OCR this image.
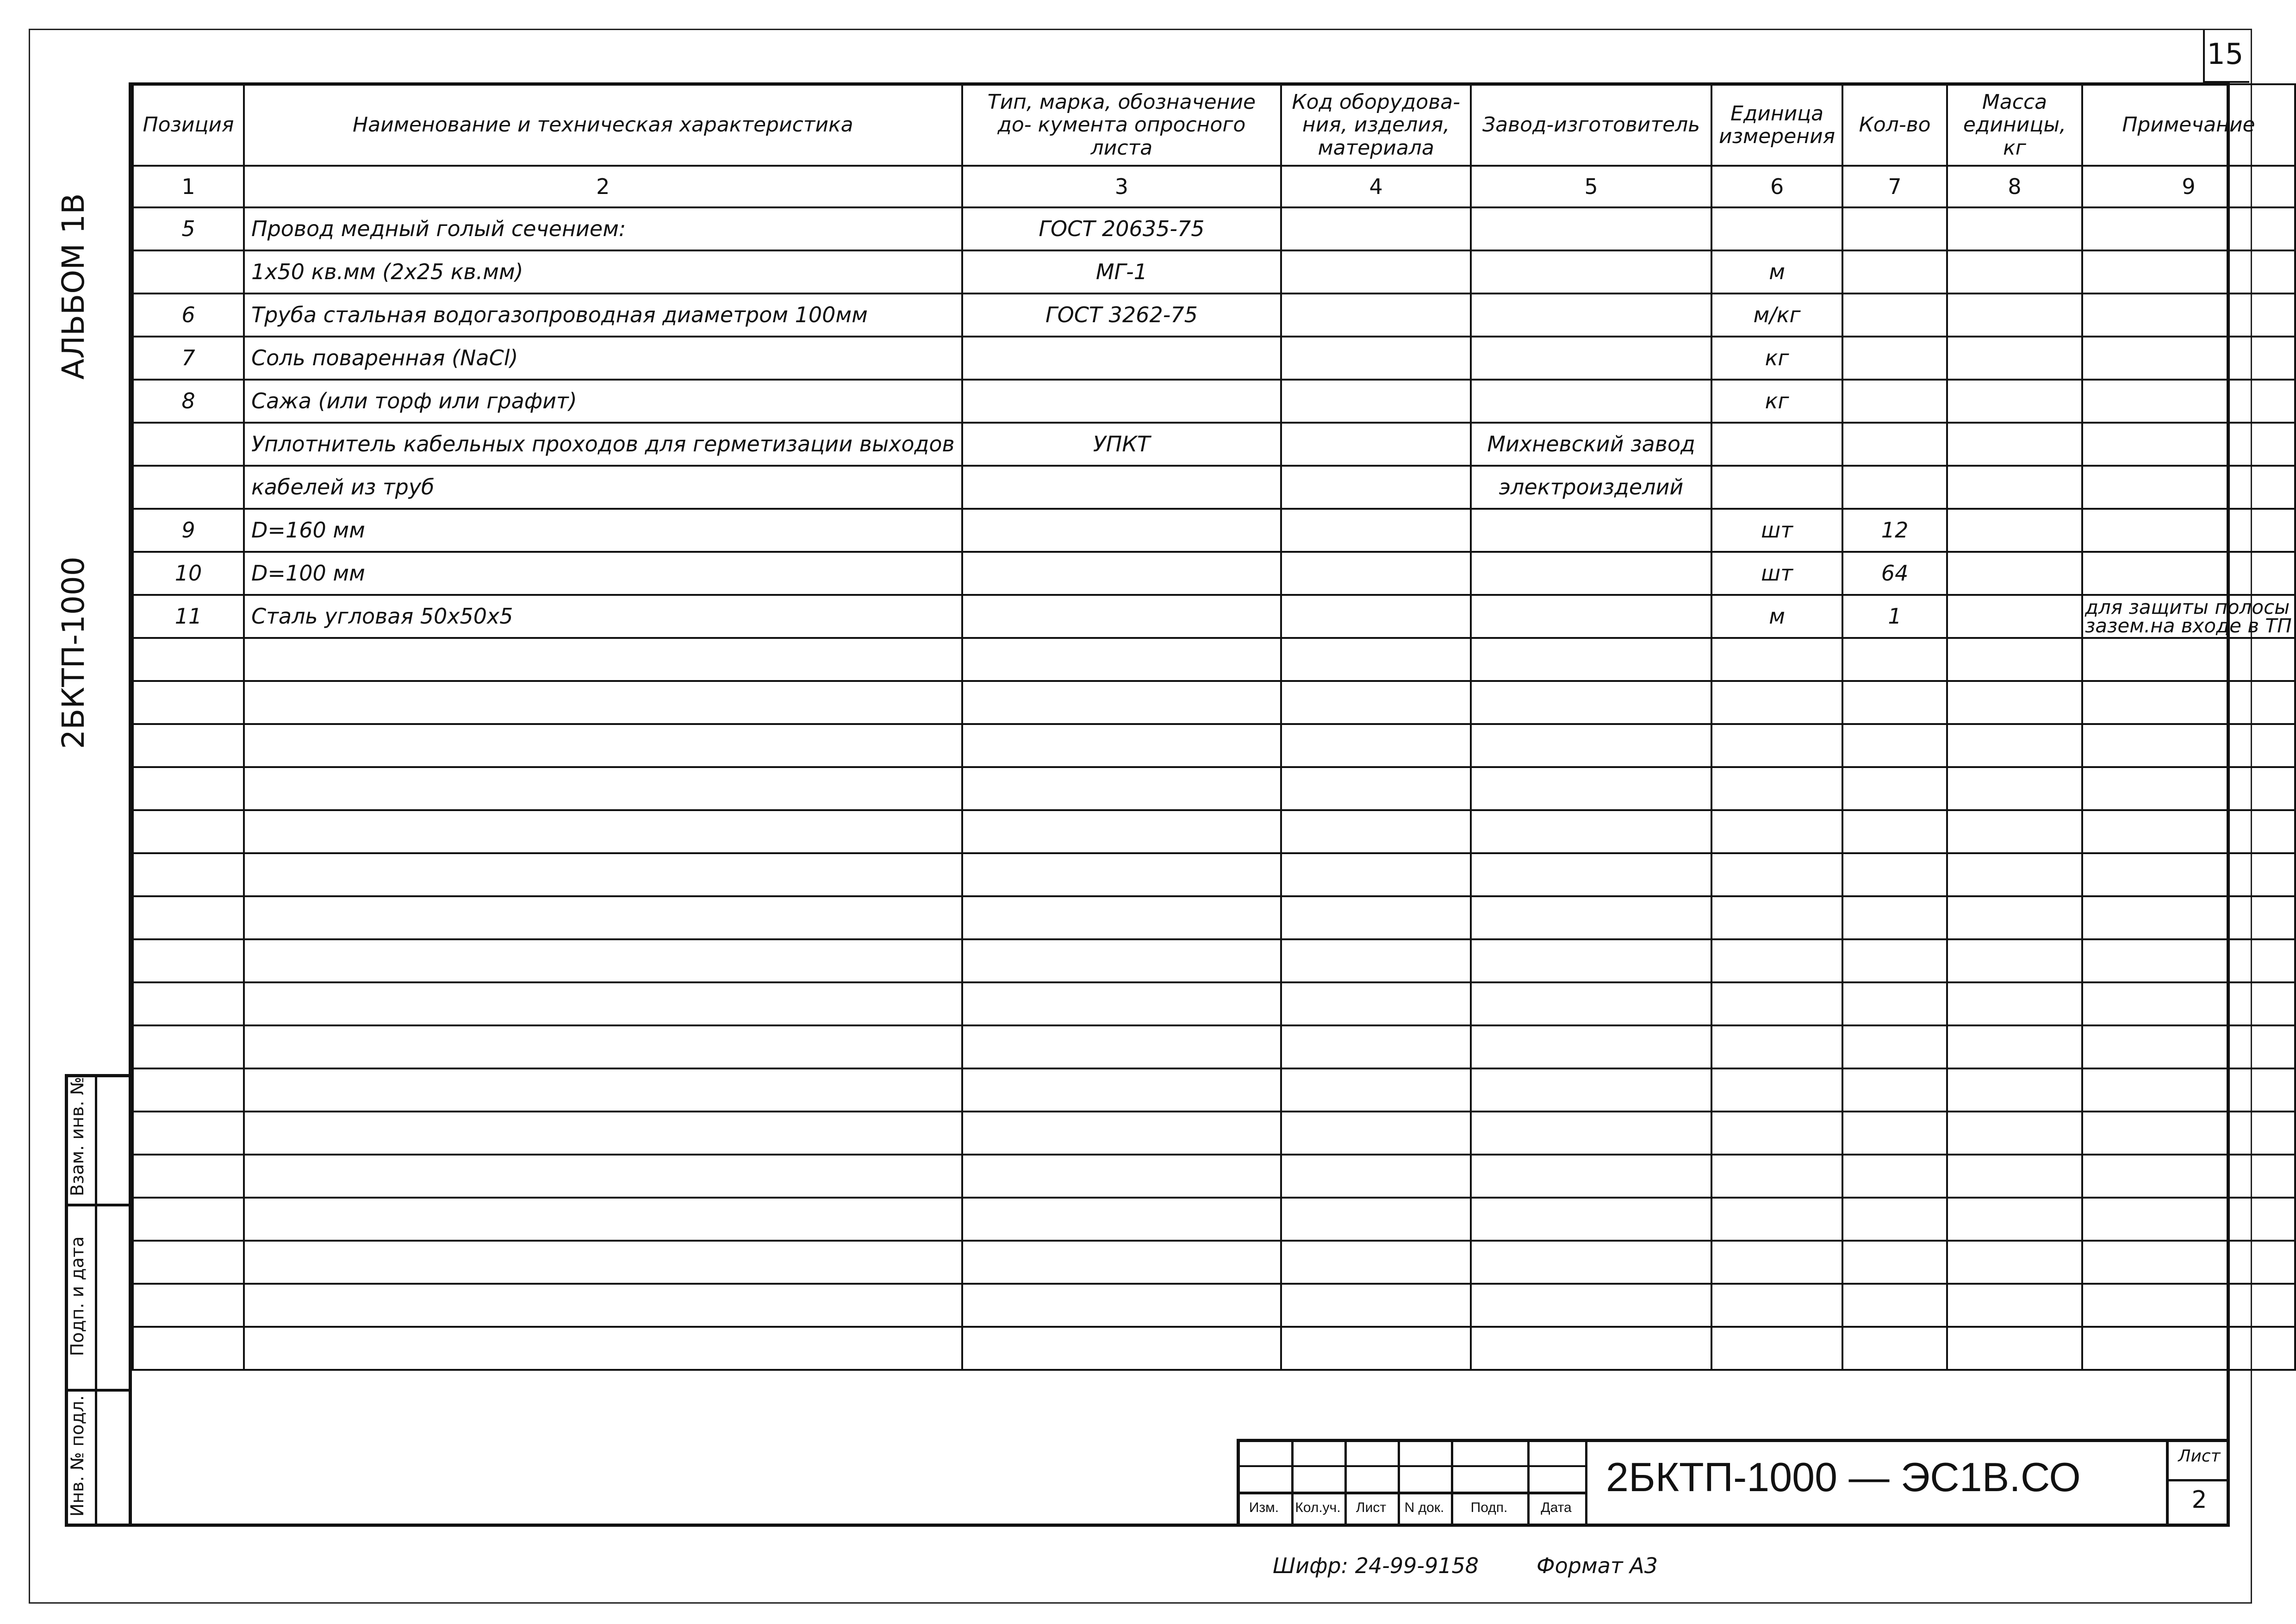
15
АЛЬБОМ 1В
2БКТП-1000
Позиция	Наименование и техническая характеристика	Тип, марка, обозначение до- кумента опросного листа	Код оборудова- ния, изделия, материала	Завод-изготовитель	Единица измерения	Кол-во	Масса единицы, кг	Примечание
1	2	3	4	5	6	7	8	9
5	Провод медный голый сечением:	ГОСТ 20635-75						
	1х50 кв.мм (2х25 кв.мм)	МГ-1			м			
6	Труба стальная водогазопроводная диаметром 100мм	ГОСТ 3262-75			м/кг			
7	Соль поваренная (NaCl)				кг			
8	Сажа (или торф или графит)				кг			
	Уплотнитель кабельных проходов для герметизации выходов	УПКТ		Михневский завод				
	кабелей из труб			электроизделий				
9	D=160 мм				шт	12		
10	D=100 мм				шт	64		
11	Сталь угловая 50х50х5				м	1		для защиты полосы
зазем.на входе в ТП

Взам. инв. №
Подп. и дата
Инв. № подл.	Изм.	Кол.уч.	Лист	N док.	Подп.	Дата
2БКТП-1000 — ЭС1В.СО	Лист
2
Шифр: 24-99-9158	Формат А3
